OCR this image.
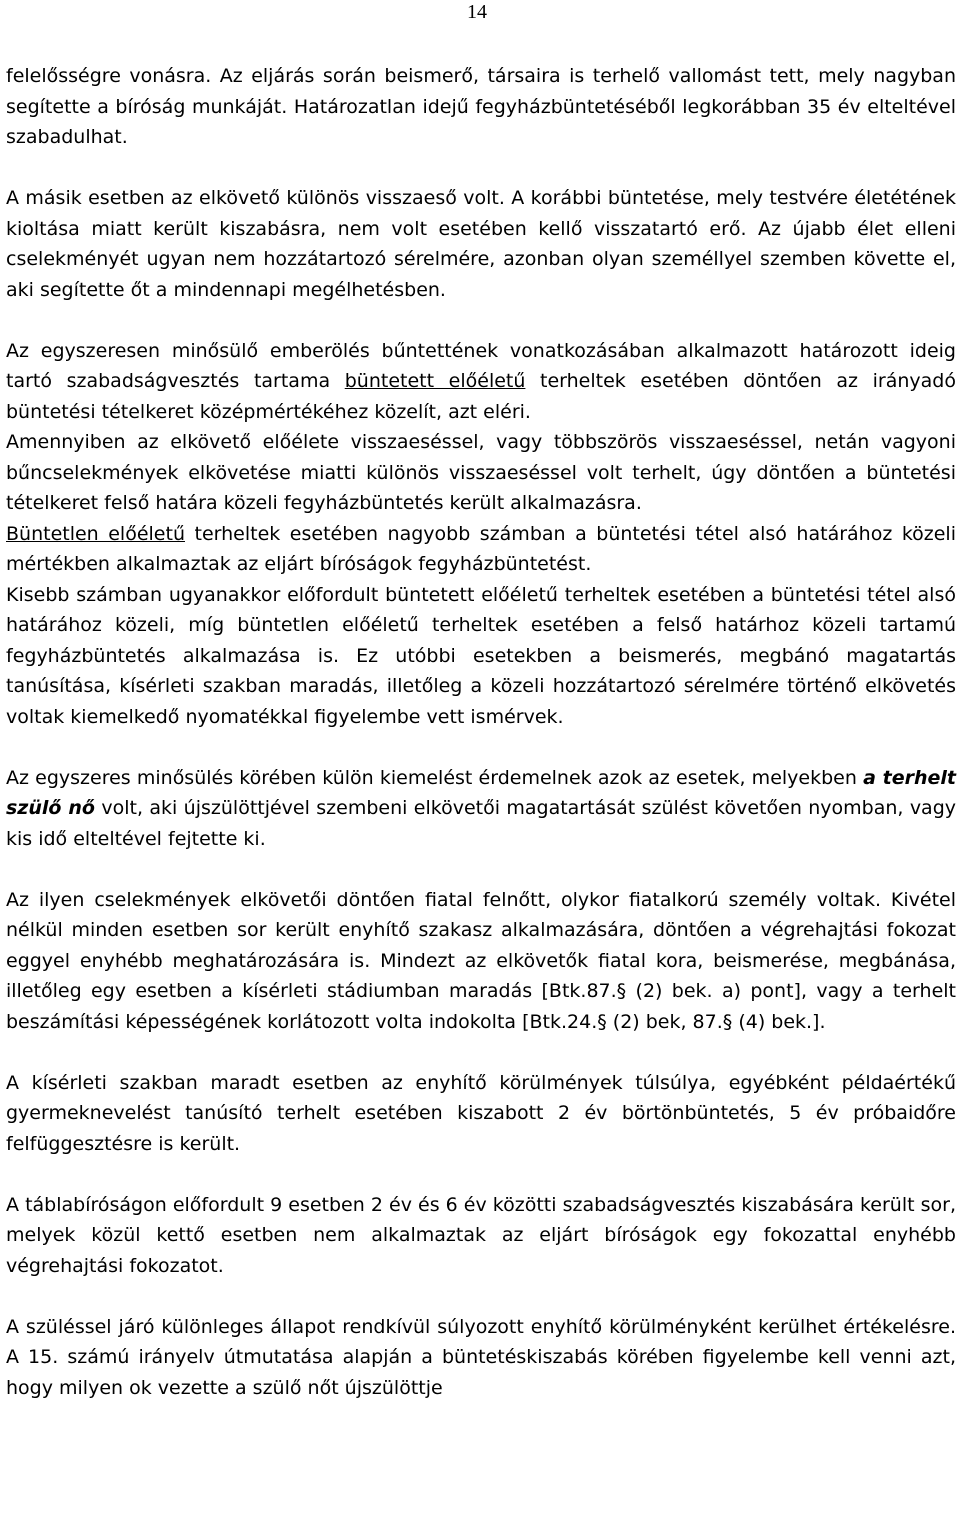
14

felelősségre vonásra. Az eljárás során beismerő, társaira is terhelő vallomást tett, mely nagyban segítette a bíróság munkáját. Határozatlan idejű fegyházbüntetéséből legkorábban 35 év elteltével szabadulhat.

A másik esetben az elkövető különös visszaeső volt. A korábbi büntetése, mely testvére életétének kioltása miatt került kiszabásra, nem volt esetében kellő visszatartó erő. Az újabb élet elleni cselekményét ugyan nem hozzátartozó sérelmére, azonban olyan személlyel szemben követte el, aki segítette őt a mindennapi megélhetésben.

Az egyszeresen minősülő emberölés bűntettének vonatkozásában alkalmazott határozott ideig tartó szabadságvesztés tartama büntetett előéletű terheltek esetében döntően az irányadó büntetési tételkeret középmértékéhez közelít, azt eléri.

Amennyiben az elkövető előélete visszaeséssel, vagy többszörös visszaeséssel, netán vagyoni bűncselekmények elkövetése miatti különös visszaeséssel volt terhelt, úgy döntően a büntetési tételkeret felső határa közeli fegyházbüntetés került alkalmazásra.

Büntetlen előéletű terheltek esetében nagyobb számban a büntetési tétel alsó határához közeli mértékben alkalmaztak az eljárt bíróságok fegyházbüntetést.

Kisebb számban ugyanakkor előfordult büntetett előéletű terheltek esetében a büntetési tétel alsó határához közeli, míg büntetlen előéletű terheltek esetében a felső határhoz közeli tartamú fegyházbüntetés alkalmazása is. Ez utóbbi esetekben a beismerés, megbánó magatartás tanúsítása, kísérleti szakban maradás, illetőleg a közeli hozzátartozó sérelmére történő elkövetés voltak kiemelkedő nyomatékkal figyelembe vett ismérvek.

Az egyszeres minősülés körében külön kiemelést érdemelnek azok az esetek, melyekben a terhelt szülő nő volt, aki újszülöttjével szembeni elkövetői magatartását szülést követően nyomban, vagy kis idő elteltével fejtette ki.

Az ilyen cselekmények elkövetői döntően fiatal felnőtt, olykor fiatalkorú személy voltak. Kivétel nélkül minden esetben sor került enyhítő szakasz alkalmazására, döntően a végrehajtási fokozat eggyel enyhébb meghatározására is. Mindezt az elkövetők fiatal kora, beismerése, megbánása, illetőleg egy esetben a kísérleti stádiumban maradás [Btk.87.§ (2) bek. a) pont], vagy a terhelt beszámítási képességének korlátozott volta indokolta [Btk.24.§ (2) bek, 87.§ (4) bek.].

A kísérleti szakban maradt esetben az enyhítő körülmények túlsúlya, egyébként példaértékű gyermeknevelést tanúsító terhelt esetében kiszabott 2 év börtönbüntetés, 5 év próbaidőre felfüggesztésre is került.

A táblabíróságon előfordult 9 esetben 2 év és 6 év közötti szabadságvesztés kiszabására került sor, melyek közül kettő esetben nem alkalmaztak az eljárt bíróságok egy fokozattal enyhébb végrehajtási fokozatot.

A szüléssel járó különleges állapot rendkívül súlyozott enyhítő körülményként kerülhet értékelésre. A 15. számú irányelv útmutatása alapján a büntetéskiszabás körében figyelembe kell venni azt, hogy milyen ok vezette a szülő nőt újszülöttje
